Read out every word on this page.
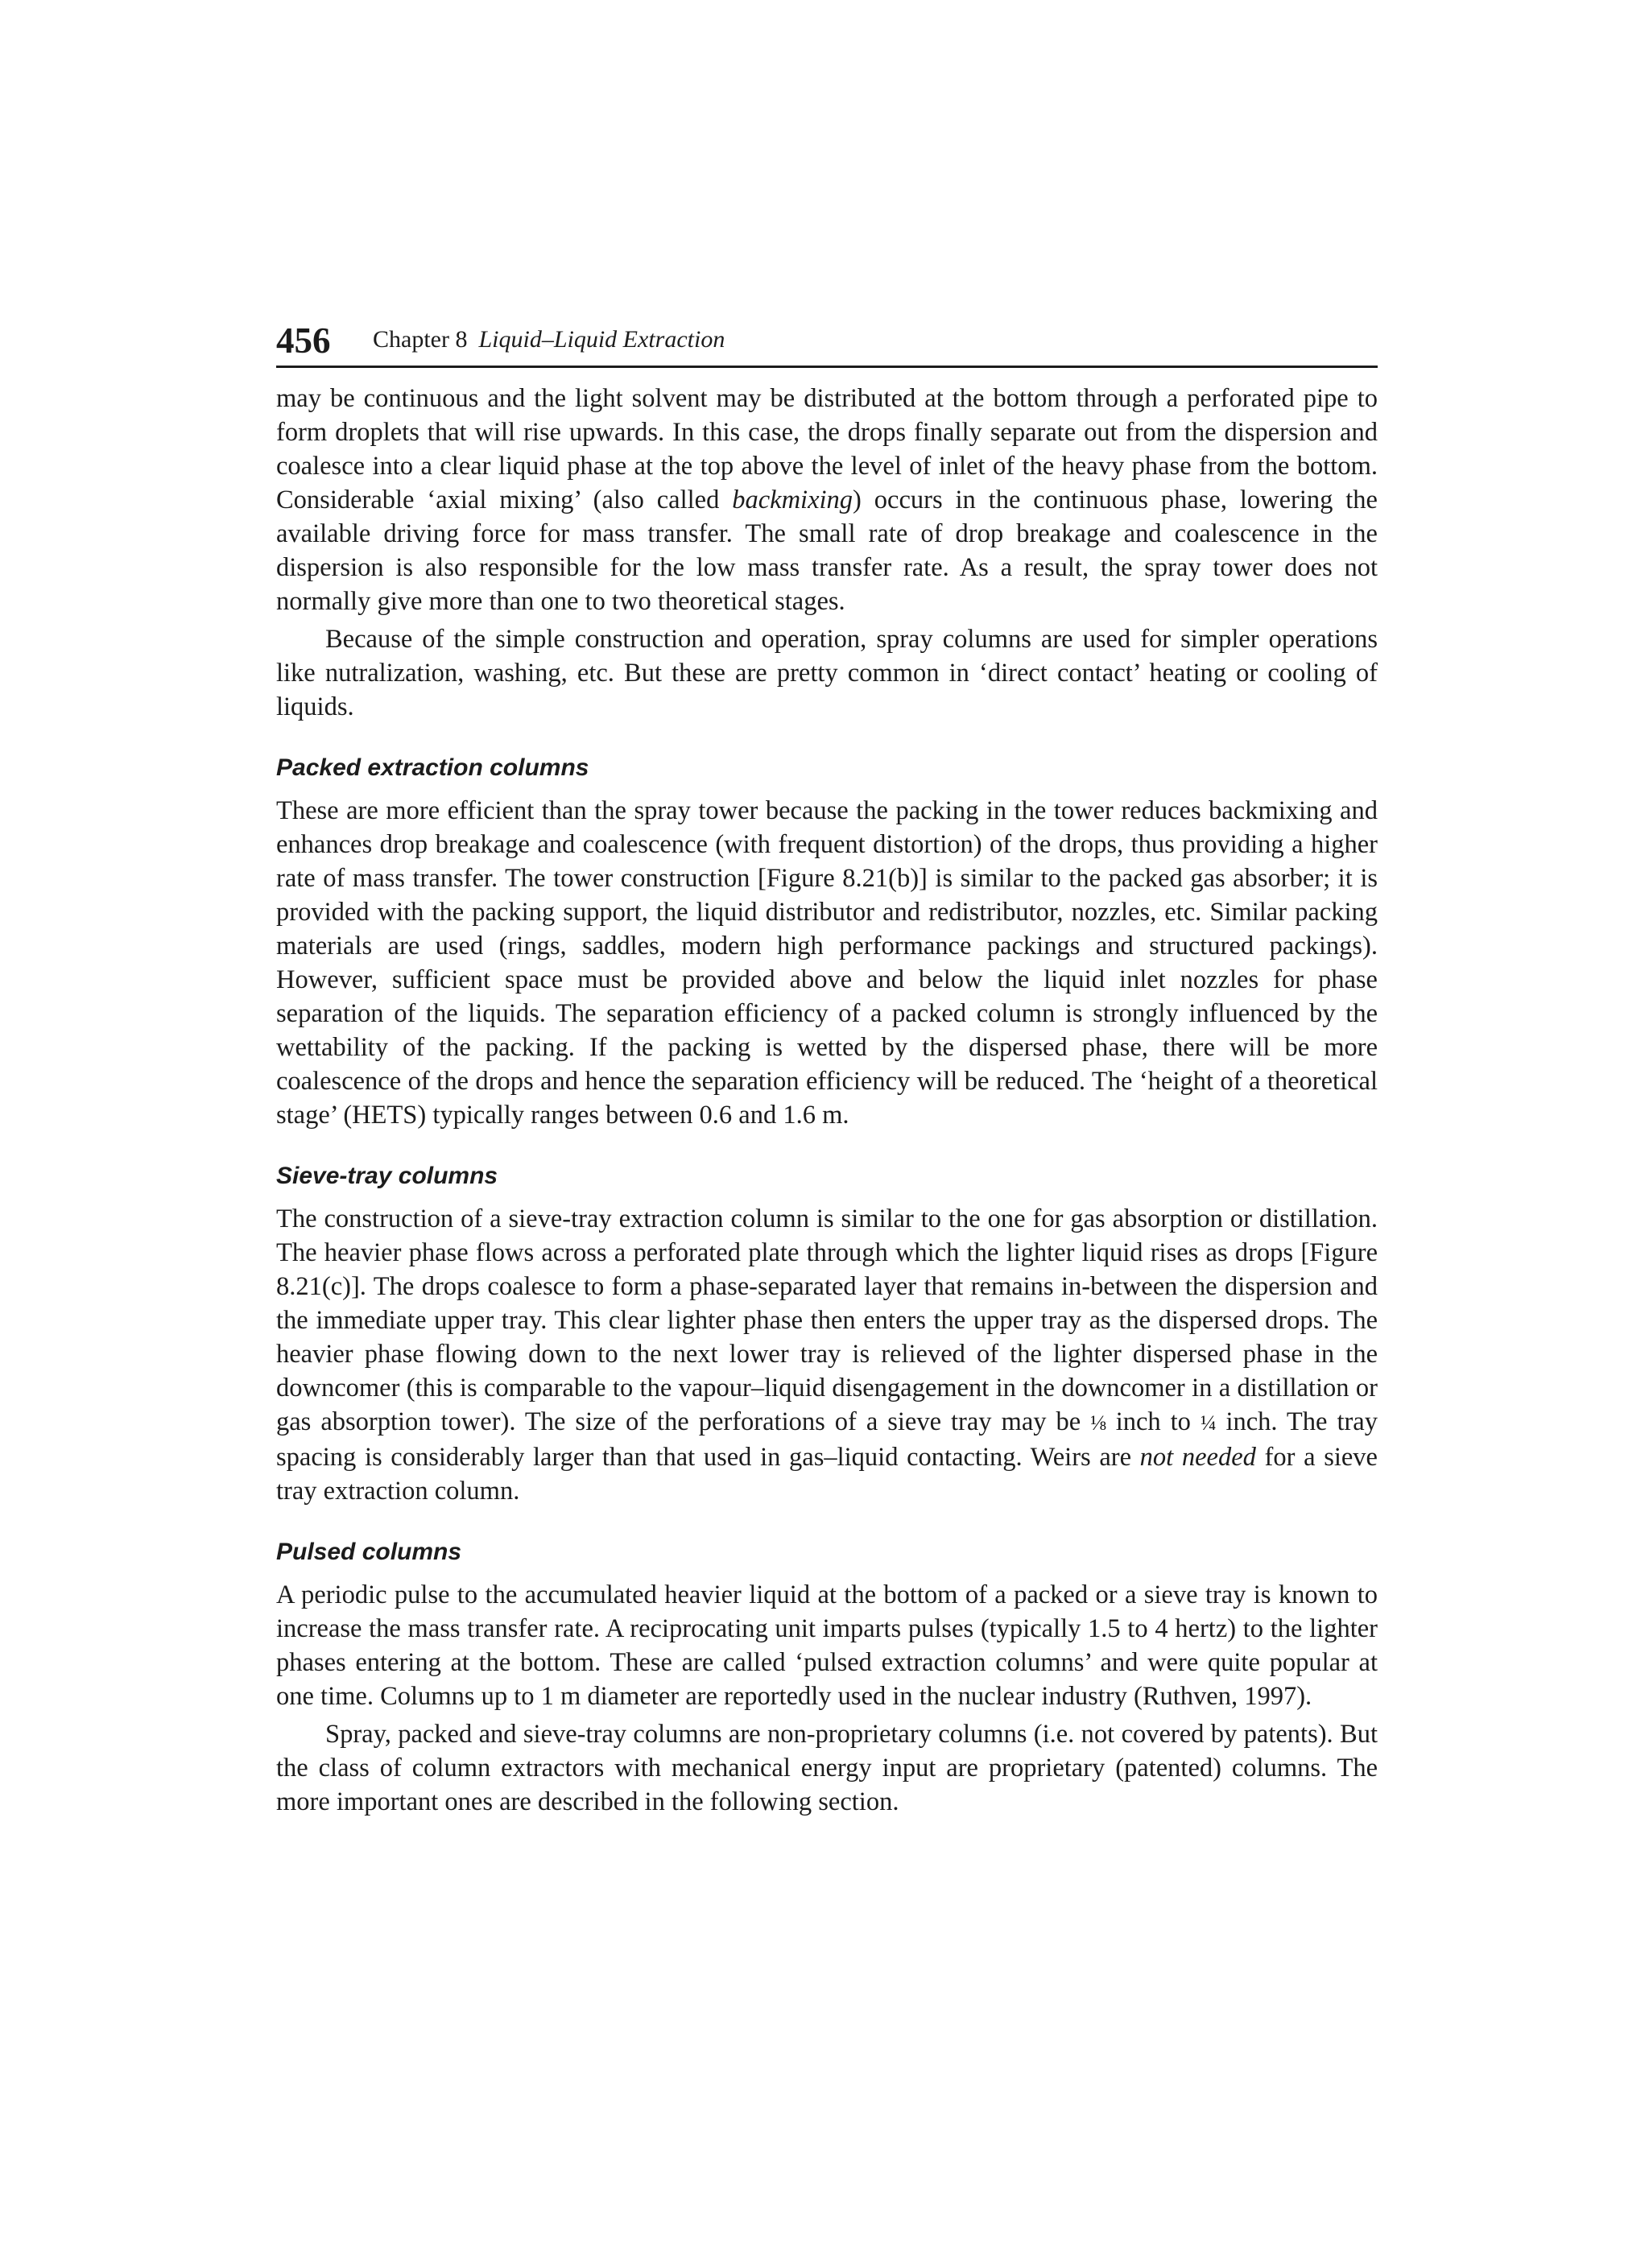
456 Chapter 8 Liquid–Liquid Extraction

may be continuous and the light solvent may be distributed at the bottom through a perforated pipe to form droplets that will rise upwards. In this case, the drops finally separate out from the dispersion and coalesce into a clear liquid phase at the top above the level of inlet of the heavy phase from the bottom. Considerable ‘axial mixing’ (also called backmixing) occurs in the continuous phase, lowering the available driving force for mass transfer. The small rate of drop breakage and coalescence in the dispersion is also responsible for the low mass transfer rate. As a result, the spray tower does not normally give more than one to two theoretical stages.

Because of the simple construction and operation, spray columns are used for simpler operations like nutralization, washing, etc. But these are pretty common in ‘direct contact’ heating or cooling of liquids.

Packed extraction columns

These are more efficient than the spray tower because the packing in the tower reduces backmixing and enhances drop breakage and coalescence (with frequent distortion) of the drops, thus providing a higher rate of mass transfer. The tower construction [Figure 8.21(b)] is similar to the packed gas absorber; it is provided with the packing support, the liquid distributor and redistributor, nozzles, etc. Similar packing materials are used (rings, saddles, modern high performance packings and structured packings). However, sufficient space must be provided above and below the liquid inlet nozzles for phase separation of the liquids. The separation efficiency of a packed column is strongly influenced by the wettability of the packing. If the packing is wetted by the dispersed phase, there will be more coalescence of the drops and hence the separation efficiency will be reduced. The ‘height of a theoretical stage’ (HETS) typically ranges between 0.6 and 1.6 m.

Sieve-tray columns

The construction of a sieve-tray extraction column is similar to the one for gas absorption or distillation. The heavier phase flows across a perforated plate through which the lighter liquid rises as drops [Figure 8.21(c)]. The drops coalesce to form a phase-separated layer that remains in-between the dispersion and the immediate upper tray. This clear lighter phase then enters the upper tray as the dispersed drops. The heavier phase flowing down to the next lower tray is relieved of the lighter dispersed phase in the downcomer (this is comparable to the vapour–liquid disengagement in the downcomer in a distillation or gas absorption tower). The size of the perforations of a sieve tray may be ⅛ inch to ¼ inch. The tray spacing is considerably larger than that used in gas–liquid contacting. Weirs are not needed for a sieve tray extraction column.

Pulsed columns

A periodic pulse to the accumulated heavier liquid at the bottom of a packed or a sieve tray is known to increase the mass transfer rate. A reciprocating unit imparts pulses (typically 1.5 to 4 hertz) to the lighter phases entering at the bottom. These are called ‘pulsed extraction columns’ and were quite popular at one time. Columns up to 1 m diameter are reportedly used in the nuclear industry (Ruthven, 1997).

Spray, packed and sieve-tray columns are non-proprietary columns (i.e. not covered by patents). But the class of column extractors with mechanical energy input are proprietary (patented) columns. The more important ones are described in the following section.
